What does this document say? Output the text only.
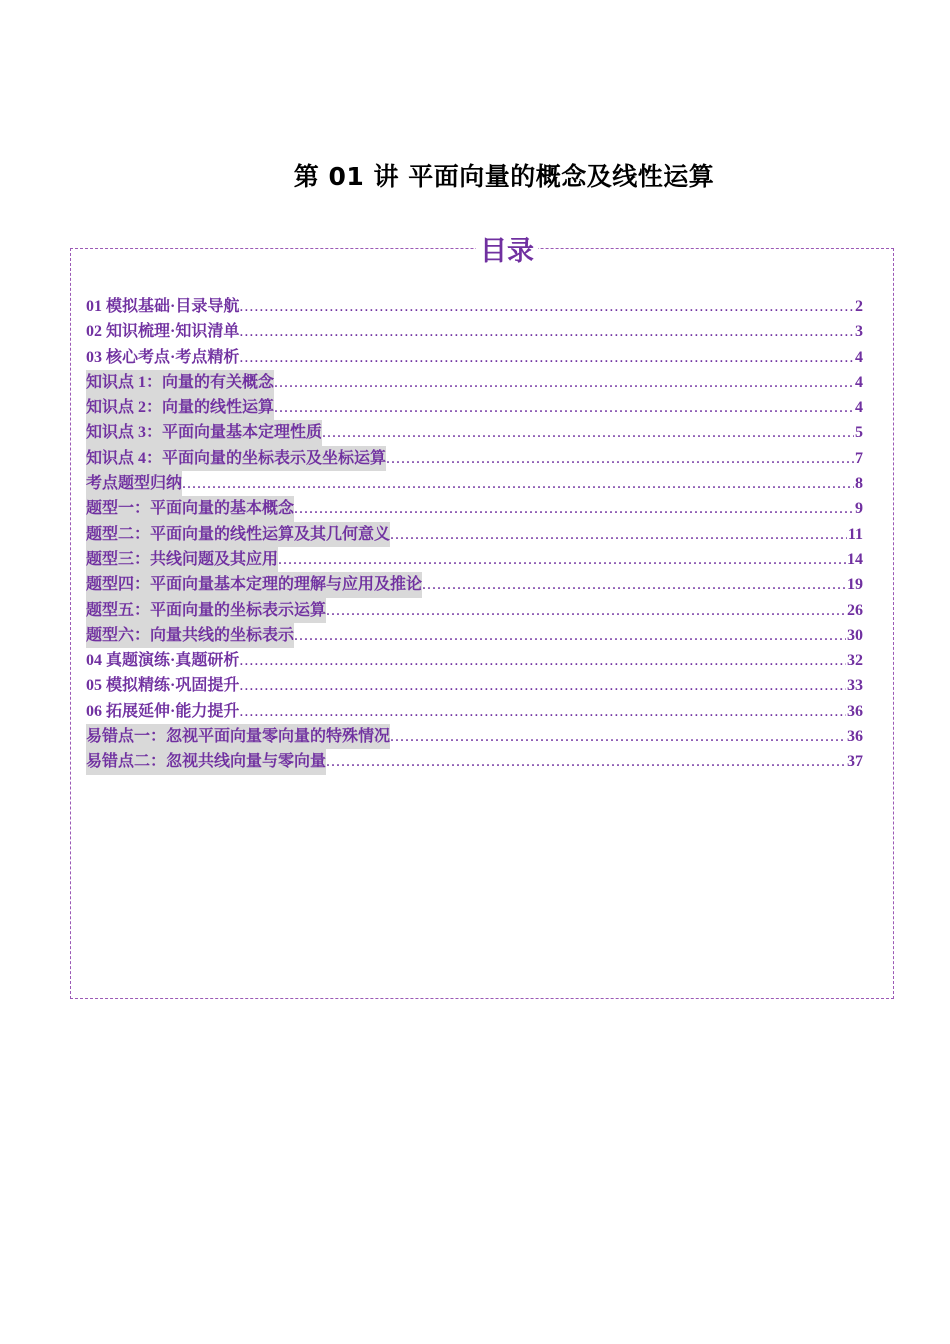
第 01 讲 平面向量的概念及线性运算
目录
01 模拟基础·目录导航 .....	2
02 知识梳理·知识清单 .....	3
03 核心考点·考点精析 .....	4
知识点 1：向量的有关概念 .....	4
知识点 2：向量的线性运算 .....	4
知识点 3：平面向量基本定理性质 .....	5
知识点 4：平面向量的坐标表示及坐标运算 .....	7
考点题型归纳 .....	8
题型一：平面向量的基本概念 .....	9
题型二：平面向量的线性运算及其几何意义 .....	11
题型三：共线问题及其应用 .....	14
题型四：平面向量基本定理的理解与应用及推论 .....	19
题型五：平面向量的坐标表示运算 .....	26
题型六：向量共线的坐标表示 .....	30
04 真题演练·真题研析 .....	32
05 模拟精练·巩固提升 .....	33
06 拓展延伸·能力提升 .....	36
易错点一：忽视平面向量零向量的特殊情况 .....	36
易错点二：忽视共线向量与零向量 .....	37
